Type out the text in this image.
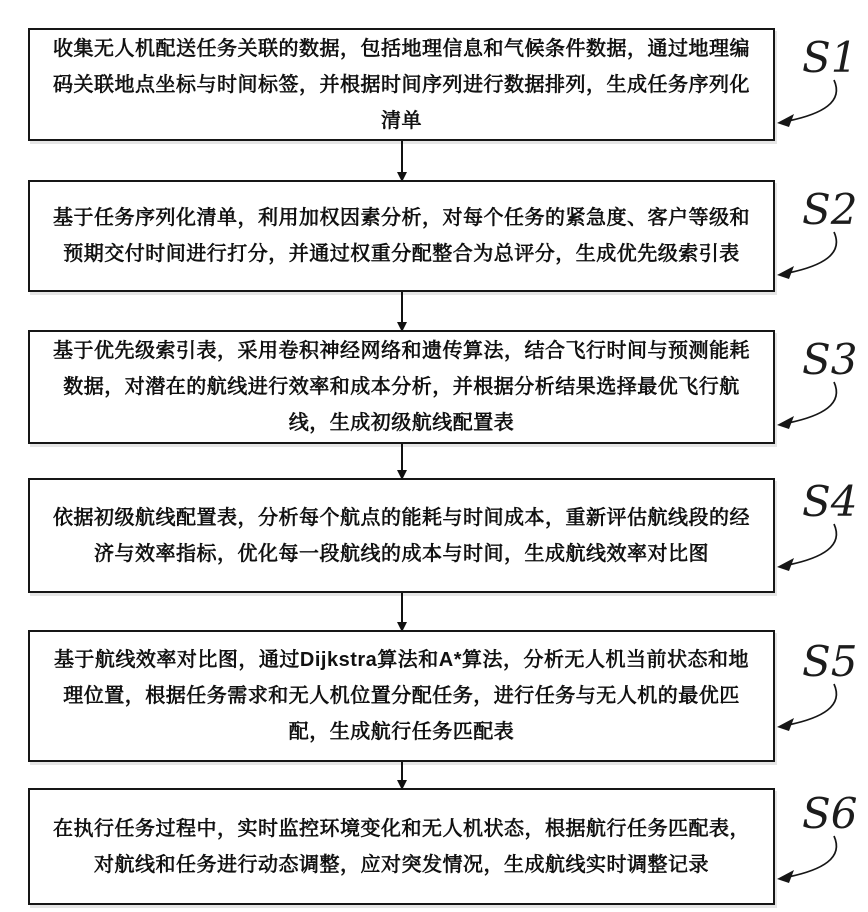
收集无人机配送任务关联的数据，包括地理信息和气候条件数据，通过地理编码关联地点坐标与时间标签，并根据时间序列进行数据排列，生成任务序列化清单
S1
基于任务序列化清单，利用加权因素分析，对每个任务的紧急度、客户等级和预期交付时间进行打分，并通过权重分配整合为总评分，生成优先级索引表
S2
基于优先级索引表，采用卷积神经网络和遗传算法，结合飞行时间与预测能耗数据，对潜在的航线进行效率和成本分析，并根据分析结果选择最优飞行航线，生成初级航线配置表
S3
依据初级航线配置表，分析每个航点的能耗与时间成本，重新评估航线段的经济与效率指标，优化每一段航线的成本与时间，生成航线效率对比图
S4
基于航线效率对比图，通过Dijkstra算法和A*算法，分析无人机当前状态和地理位置，根据任务需求和无人机位置分配任务，进行任务与无人机的最优匹配，生成航行任务匹配表
S5
在执行任务过程中，实时监控环境变化和无人机状态，根据航行任务匹配表，对航线和任务进行动态调整，应对突发情况，生成航线实时调整记录
S6
